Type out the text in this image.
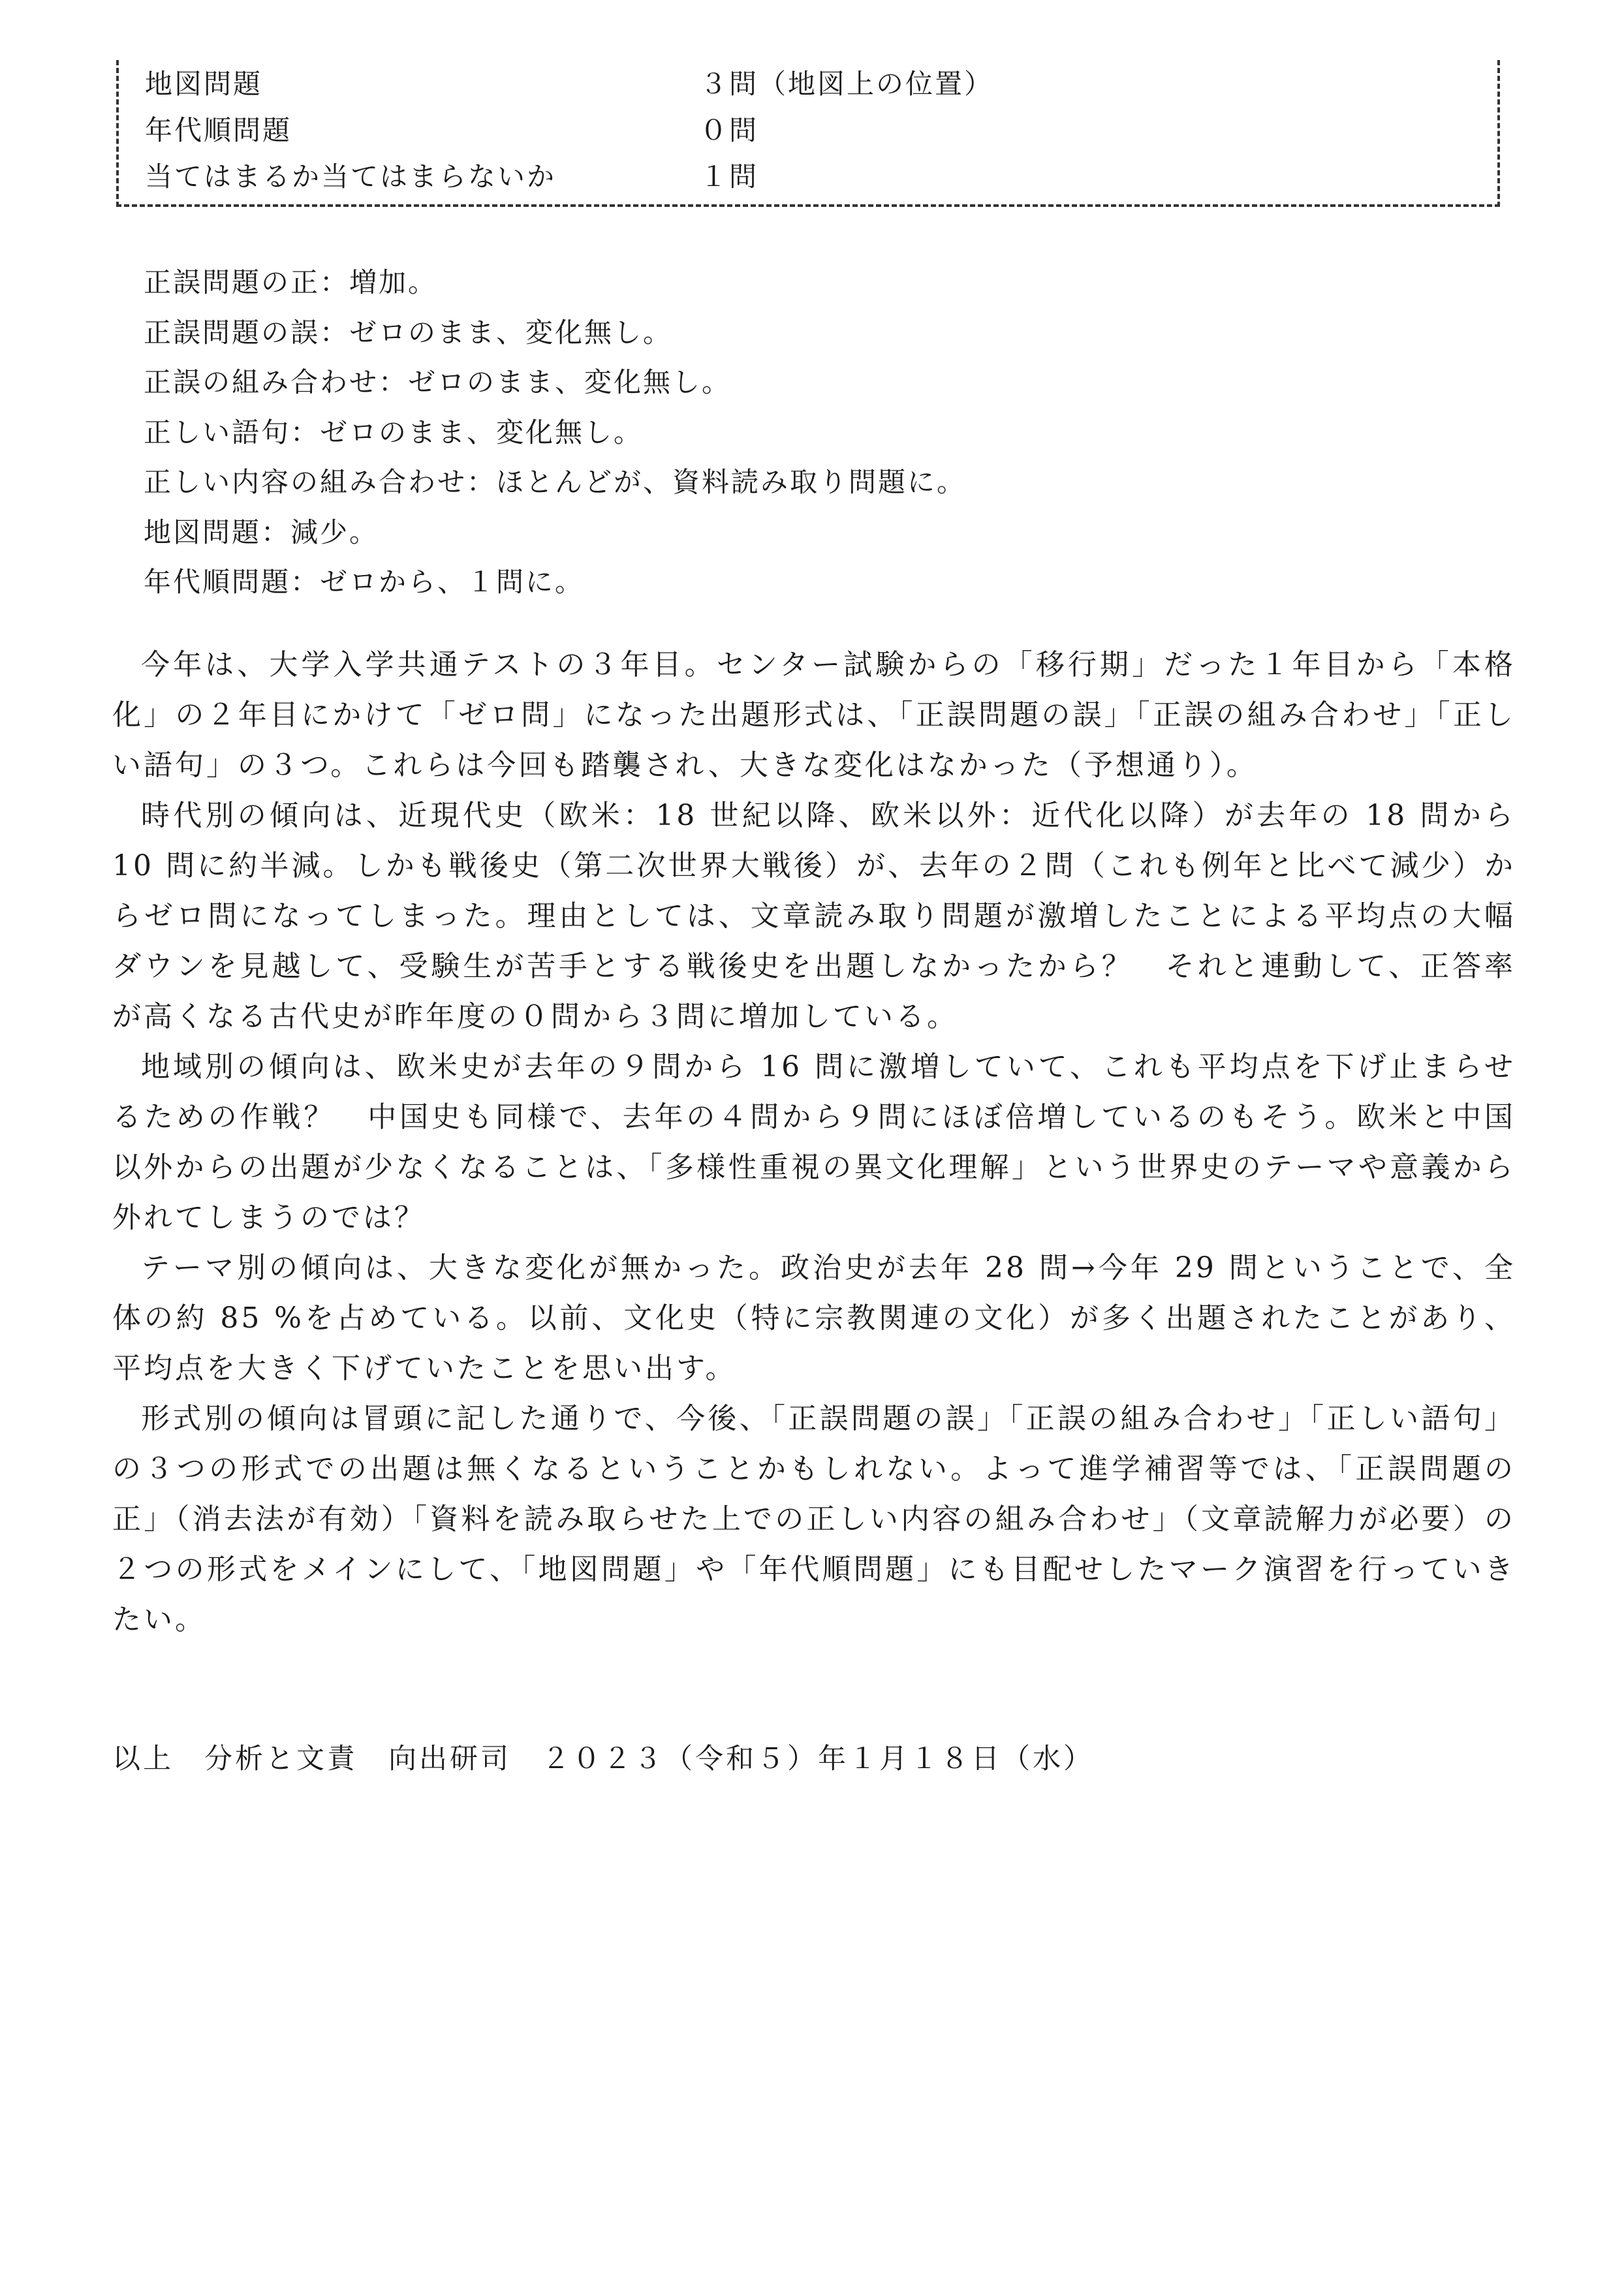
地図問題	３問（地図上の位置）
年代順問題	０問
当てはまるか当てはまらないか	１問
正誤問題の正：増加。
正誤問題の誤：ゼロのまま、変化無し。
正誤の組み合わせ：ゼロのまま、変化無し。
正しい語句：ゼロのまま、変化無し。
正しい内容の組み合わせ：ほとんどが、資料読み取り問題に。
地図問題：減少。
年代順問題：ゼロから、１問に。

今年は、大学入学共通テストの３年目。センター試験からの「移行期」だった１年目から「本格化」の２年目にかけて「ゼロ問」になった出題形式は、「正誤問題の誤」「正誤の組み合わせ」「正しい語句」の３つ。これらは今回も踏襲され、大きな変化はなかった（予想通り）。

時代別の傾向は、近現代史（欧米：18 世紀以降、欧米以外：近代化以降）が去年の 18 問から 10 問に約半減。しかも戦後史（第二次世界大戦後）が、去年の２問（これも例年と比べて減少）からゼロ問になってしまった。理由としては、文章読み取り問題が激増したことによる平均点の大幅ダウンを見越して、受験生が苦手とする戦後史を出題しなかったから？　それと連動して、正答率が高くなる古代史が昨年度の０問から３問に増加している。

地域別の傾向は、欧米史が去年の９問から 16 問に激増していて、これも平均点を下げ止まらせるための作戦？　中国史も同様で、去年の４問から９問にほぼ倍増しているのもそう。欧米と中国以外からの出題が少なくなることは、「多様性重視の異文化理解」という世界史のテーマや意義から外れてしまうのでは？

テーマ別の傾向は、大きな変化が無かった。政治史が去年 28 問→今年 29 問ということで、全体の約 85 %を占めている。以前、文化史（特に宗教関連の文化）が多く出題されたことがあり、平均点を大きく下げていたことを思い出す。

形式別の傾向は冒頭に記した通りで、今後、「正誤問題の誤」「正誤の組み合わせ」「正しい語句」の３つの形式での出題は無くなるということかもしれない。よって進学補習等では、「正誤問題の正」（消去法が有効）「資料を読み取らせた上での正しい内容の組み合わせ」（文章読解力が必要）の２つの形式をメインにして、「地図問題」や「年代順問題」にも目配せしたマーク演習を行っていきたい。

以上　分析と文責　向出研司　２０２３（令和５）年１月１８日（水）
